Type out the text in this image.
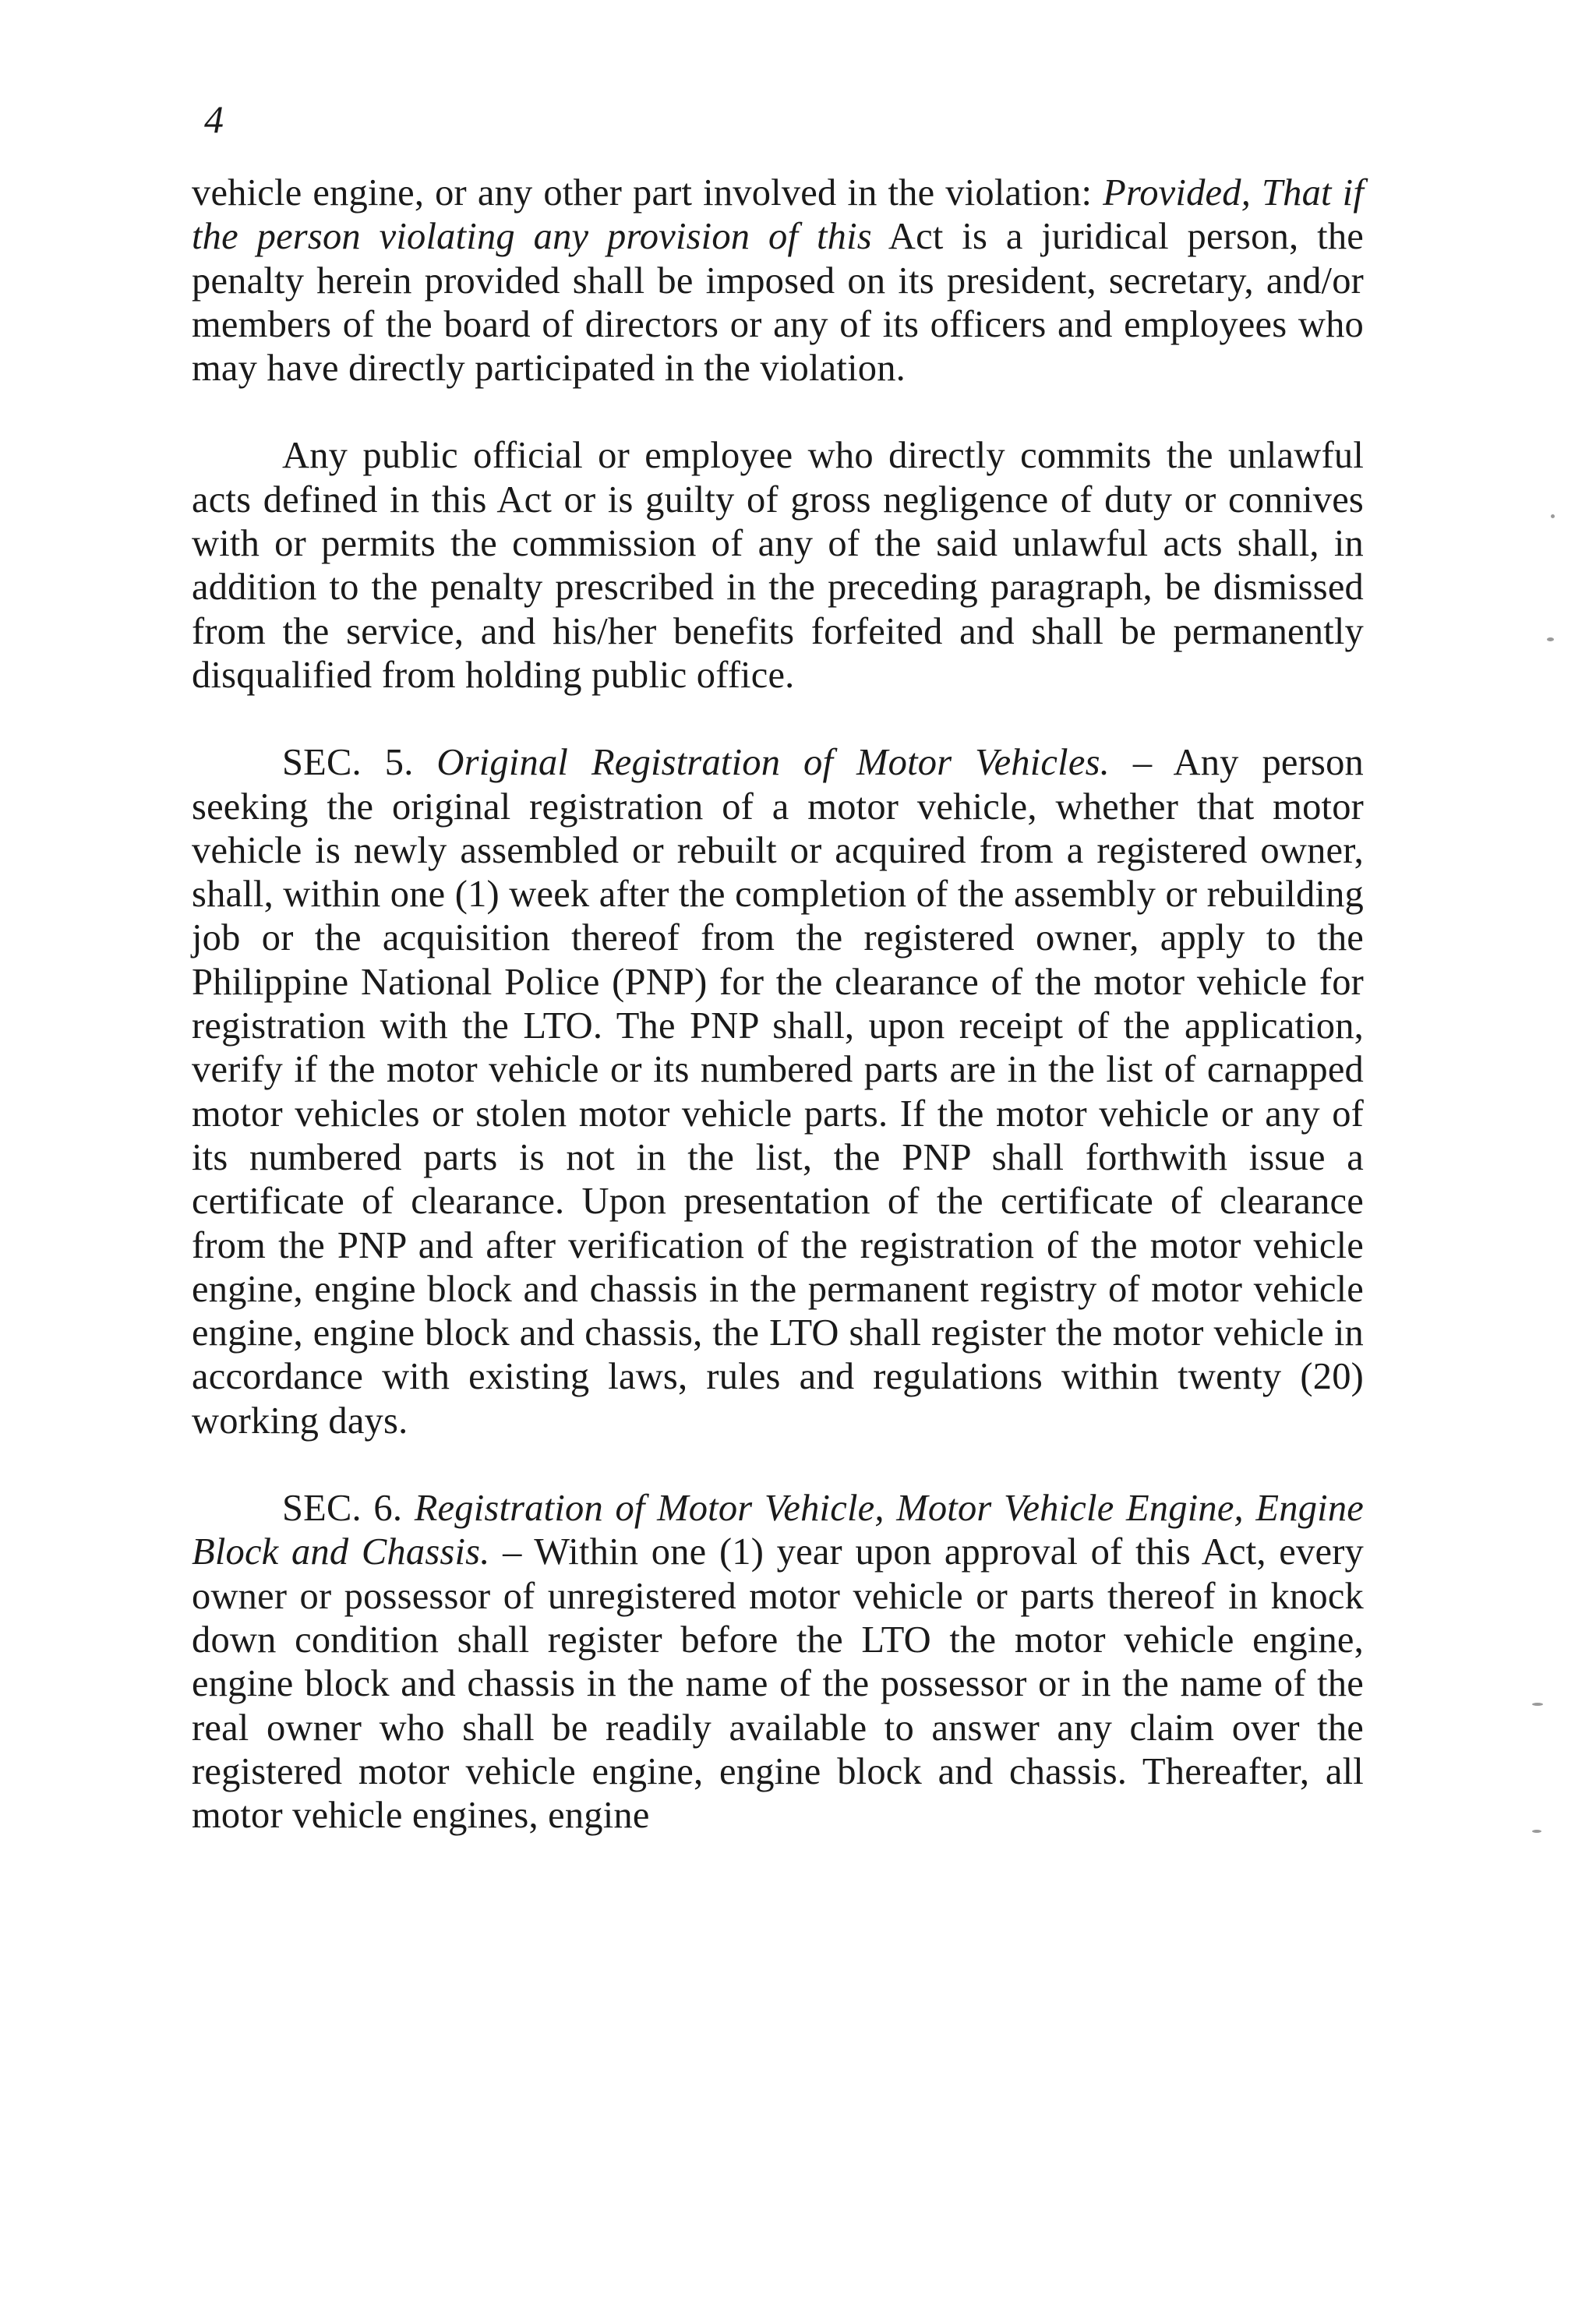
4

vehicle engine, or any other part involved in the violation: Provided, That if the person violating any provision of this Act is a juridical person, the penalty herein provided shall be imposed on its president, secretary, and/or members of the board of directors or any of its officers and employees who may have directly participated in the violation.

Any public official or employee who directly commits the unlawful acts defined in this Act or is guilty of gross negligence of duty or connives with or permits the commission of any of the said unlawful acts shall, in addition to the penalty prescribed in the preceding paragraph, be dismissed from the service, and his/her benefits forfeited and shall be permanently disqualified from holding public office.

SEC. 5. Original Registration of Motor Vehicles. – Any person seeking the original registration of a motor vehicle, whether that motor vehicle is newly assembled or rebuilt or acquired from a registered owner, shall, within one (1) week after the completion of the assembly or rebuilding job or the acquisition thereof from the registered owner, apply to the Philippine National Police (PNP) for the clearance of the motor vehicle for registration with the LTO. The PNP shall, upon receipt of the application, verify if the motor vehicle or its numbered parts are in the list of carnapped motor vehicles or stolen motor vehicle parts. If the motor vehicle or any of its numbered parts is not in the list, the PNP shall forthwith issue a certificate of clearance. Upon presentation of the certificate of clearance from the PNP and after verification of the registration of the motor vehicle engine, engine block and chassis in the permanent registry of motor vehicle engine, engine block and chassis, the LTO shall register the motor vehicle in accordance with existing laws, rules and regulations within twenty (20) working days.

SEC. 6. Registration of Motor Vehicle, Motor Vehicle Engine, Engine Block and Chassis. – Within one (1) year upon approval of this Act, every owner or possessor of unregistered motor vehicle or parts thereof in knock down condition shall register before the LTO the motor vehicle engine, engine block and chassis in the name of the possessor or in the name of the real owner who shall be readily available to answer any claim over the registered motor vehicle engine, engine block and chassis. Thereafter, all motor vehicle engines, engine
